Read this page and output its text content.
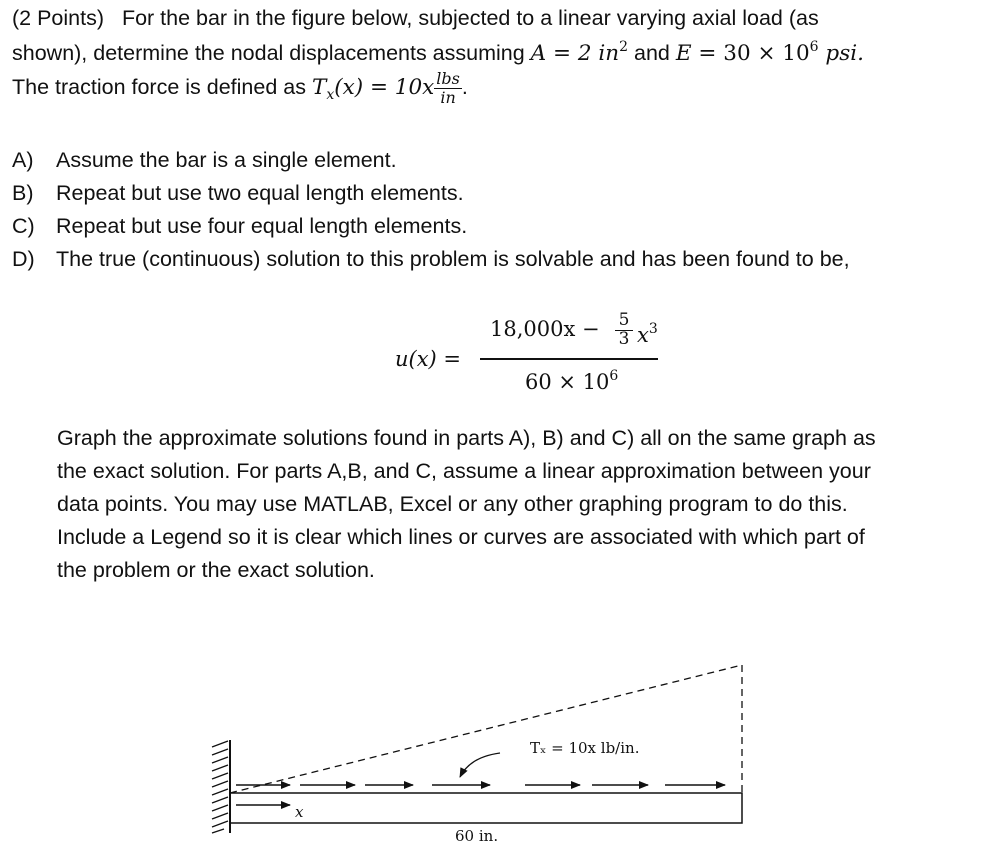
(2 Points) For the bar in the figure below, subjected to a linear varying axial load (as
shown), determine the nodal displacements assuming A = 2 $in^2$ and $E = 30 \times 10^6$ psi.
The traction force is defined as $T_x(x) = 10x \frac{\text{lbs}}{in}$ .
A) Assume the bar is a single element.
B) Repeat but use two equal length elements.
C) Repeat but use four equal length elements.
D) The true (continuous) solution to this problem is solvable and has been found to be,
u(x) =
$18,000x - \frac{5}{3} x^3$
$60 \times 10^6$
Graph the approximate solutions found in parts A), B) and C) all on the same graph as
the exact solution. For parts A,B, and C, assume a linear approximation between your
data points. You may use MATLAB, Excel or any other graphing program to do this.
Include a Legend so it is clear which lines or curves are associated with which part of
the problem or the exact solution.
Tₓ = 10x lb/in.
x
60 in.
